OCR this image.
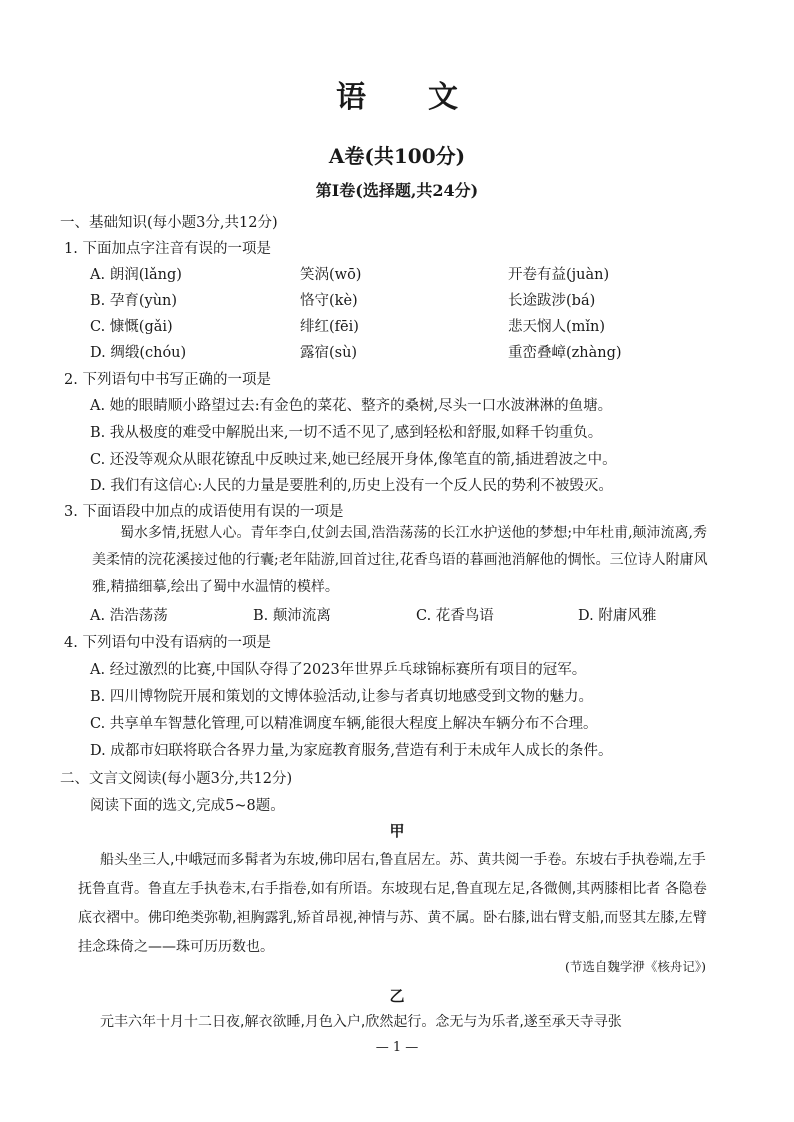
语文
A卷(共100分)
第Ⅰ卷(选择题,共24分)
一、基础知识(每小题3分,共12分)
1. 下面加点字注音有误的一项是
A. 朗润(lǎng)	笑涡(wō)	开卷有益(juàn)
B. 孕育(yùn)	恪守(kè)	长途跋涉(bá)
C. 慷慨(gǎi)	绯红(fēi)	悲天悯人(mǐn)
D. 绸缎(chóu)	露宿(sù)	重峦叠嶂(zhàng)
2. 下列语句中书写正确的一项是
A. 她的眼睛顺小路望过去:有金色的菜花、整齐的桑树,尽头一口水波淋淋的鱼塘。
B. 我从极度的难受中解脱出来,一切不适不见了,感到轻松和舒服,如释千钧重负。
C. 还没等观众从眼花镣乱中反映过来,她已经展开身体,像笔直的箭,插进碧波之中。
D. 我们有这信心:人民的力量是要胜利的,历史上没有一个反人民的势利不被毁灭。
3. 下面语段中加点的成语使用有误的一项是
蜀水多情,抚慰人心。青年李白,仗剑去国,浩浩荡荡的长江水护送他的梦想;中年杜甫,颠沛流离,秀美柔情的浣花溪接过他的行囊;老年陆游,回首过往,花香鸟语的暮画池消解他的惆怅。三位诗人附庸风雅,精描细摹,绘出了蜀中水温情的模样。
A. 浩浩荡荡	B. 颠沛流离	C. 花香鸟语	D. 附庸风雅
4. 下列语句中没有语病的一项是
A. 经过激烈的比赛,中国队夺得了2023年世界乒乓球锦标赛所有项目的冠军。
B. 四川博物院开展和策划的文博体验活动,让参与者真切地感受到文物的魅力。
C. 共享单车智慧化管理,可以精准调度车辆,能很大程度上解决车辆分布不合理。
D. 成都市妇联将联合各界力量,为家庭教育服务,营造有利于未成年人成长的条件。
二、文言文阅读(每小题3分,共12分)
阅读下面的选文,完成5~8题。
甲
船头坐三人,中峨冠而多髯者为东坡,佛印居右,鲁直居左。苏、黄共阅一手卷。东坡右手执卷端,左手抚鲁直背。鲁直左手执卷末,右手指卷,如有所语。东坡现右足,鲁直现左足,各微侧,其两膝相比者 各隐卷底衣褶中。佛印绝类弥勒,袒胸露乳,矫首昂视,神情与苏、黄不属。卧右膝,诎右臂支船,而竖其左膝,左臂挂念珠倚之——珠可历历数也。
(节选自魏学洢《核舟记》)
乙
元丰六年十月十二日夜,解衣欲睡,月色入户,欣然起行。念无与为乐者,遂至承天寺寻张
— 1 —
